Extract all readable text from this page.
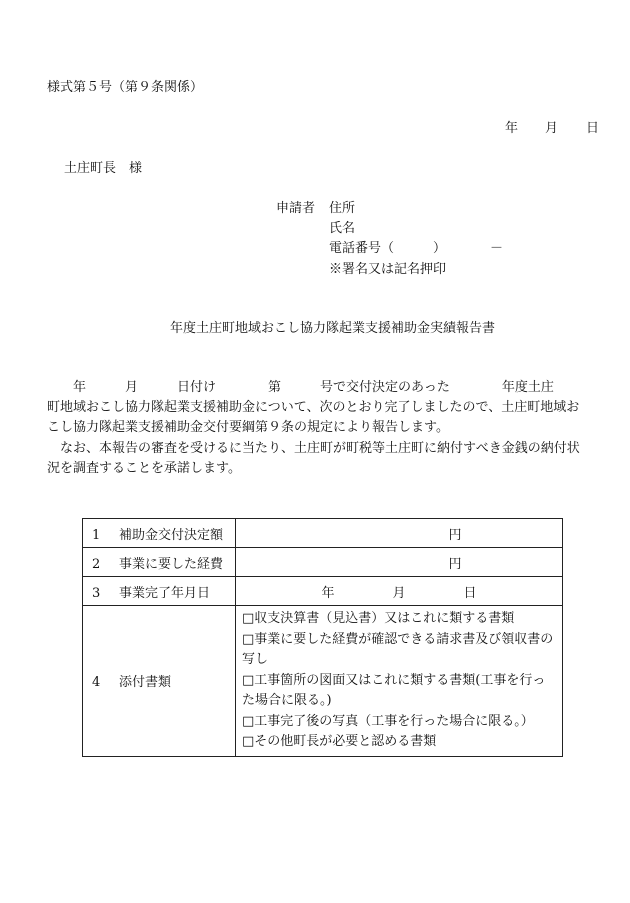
様式第５号（第９条関係）
年 月 日
土庄町長　様
申請者 住所
氏名
電話番号（	）	－
※署名又は記名押印
年度土庄町地域おこし協力隊起業支援補助金実績報告書
　　年　　　月　　　日付け　　　　第　　　号で交付決定のあった　　　　年度土庄
町地域おこし協力隊起業支援補助金について、次のとおり完了しましたので、土庄町地域お
こし協力隊起業支援補助金交付要綱第９条の規定により報告します。
　なお、本報告の審査を受けるに当たり、土庄町が町税等土庄町に納付すべき金銭の納付状
況を調査することを承諾します。
1 補助金交付決定額	円
2 事業に要した経費	円
3 事業完了年月日	年 月 日
4 添付書類	□収支決算書（見込書）又はこれに類する書類
□事業に要した経費が確認できる請求書及び領収書の写し
□工事箇所の図面又はこれに類する書類(工事を行った場合に限る。)
□工事完了後の写真（工事を行った場合に限る。）
□その他町長が必要と認める書類
